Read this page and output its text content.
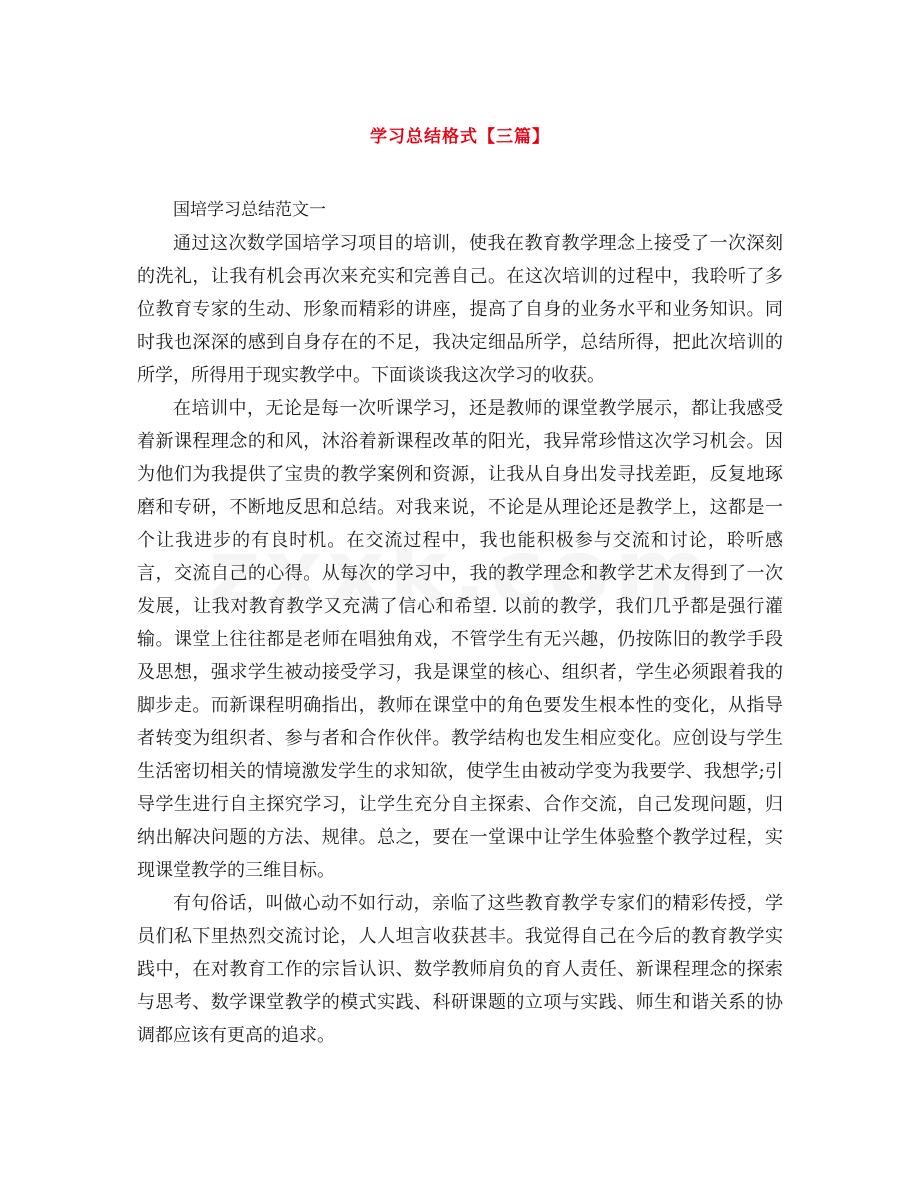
学习总结格式【三篇】

国培学习总结范文一

通过这次数学国培学习项目的培训，使我在教育教学理念上接受了一次深刻的洗礼，让我有机会再次来充实和完善自己。在这次培训的过程中，我聆听了多位教育专家的生动、形象而精彩的讲座，提高了自身的业务水平和业务知识。同时我也深深的感到自身存在的不足，我决定细品所学，总结所得，把此次培训的所学，所得用于现实教学中。下面谈谈我这次学习的收获。

在培训中，无论是每一次听课学习，还是教师的课堂教学展示，都让我感受着新课程理念的和风，沐浴着新课程改革的阳光，我异常珍惜这次学习机会。因为他们为我提供了宝贵的教学案例和资源，让我从自身出发寻找差距，反复地琢磨和专研，不断地反思和总结。对我来说，不论是从理论还是教学上，这都是一个让我进步的有良时机。在交流过程中，我也能积极参与交流和讨论，聆听感言，交流自己的心得。从每次的学习中，我的教学理念和教学艺术友得到了一次发展，让我对教育教学又充满了信心和希望. 以前的教学，我们几乎都是强行灌输。课堂上往往都是老师在唱独角戏，不管学生有无兴趣，仍按陈旧的教学手段及思想，强求学生被动接受学习，我是课堂的核心、组织者，学生必须跟着我的脚步走。而新课程明确指出，教师在课堂中的角色要发生根本性的变化，从指导者转变为组织者、参与者和合作伙伴。教学结构也发生相应变化。应创设与学生生活密切相关的情境激发学生的求知欲，使学生由被动学变为我要学、我想学;引导学生进行自主探究学习，让学生充分自主探索、合作交流，自己发现问题，归纳出解决问题的方法、规律。总之，要在一堂课中让学生体验整个教学过程，实现课堂教学的三维目标。

有句俗话，叫做心动不如行动，亲临了这些教育教学专家们的精彩传授，学员们私下里热烈交流讨论，人人坦言收获甚丰。我觉得自己在今后的教育教学实践中，在对教育工作的宗旨认识、数学教师肩负的育人责任、新课程理念的探索与思考、数学课堂教学的模式实践、科研课题的立项与实践、师生和谐关系的协调都应该有更高的追求。
